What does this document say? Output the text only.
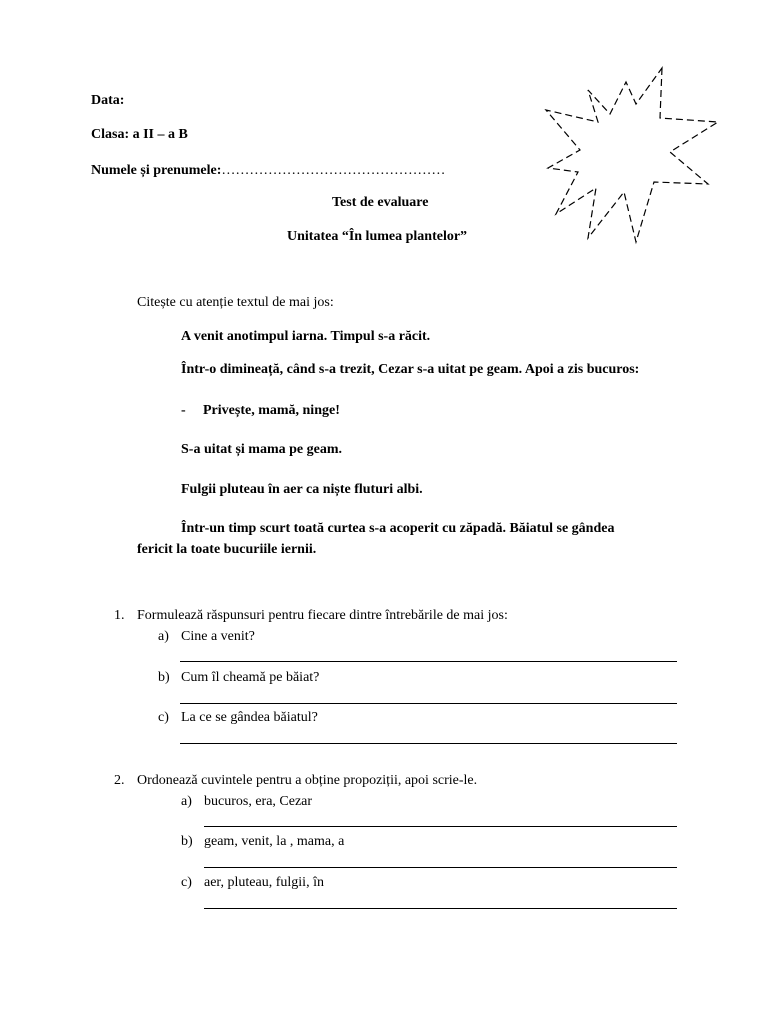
Data:
Clasa: a II – a B
Numele și prenumele:…………………………………………
Test de evaluare
Unitatea “În lumea plantelor”
Citește cu atenție textul de mai jos:
A venit anotimpul iarna. Timpul s-a răcit.
Într-o dimineață, când s-a trezit, Cezar s-a uitat pe geam. Apoi a zis bucuros:
- Privește, mamă, ninge!
S-a uitat și mama pe geam.
Fulgii pluteau în aer ca niște fluturi albi.
Într-un timp scurt toată curtea s-a acoperit cu zăpadă. Băiatul se gândea
fericit la toate bucuriile iernii.
1. Formulează răspunsuri pentru fiecare dintre întrebările de mai jos:
a) Cine a venit?
b) Cum îl cheamă pe băiat?
c) La ce se gândea băiatul?
2. Ordonează cuvintele pentru a obține propoziții, apoi scrie-le.
a) bucuros, era, Cezar
b) geam, venit, la , mama, a
c) aer, pluteau, fulgii, în
